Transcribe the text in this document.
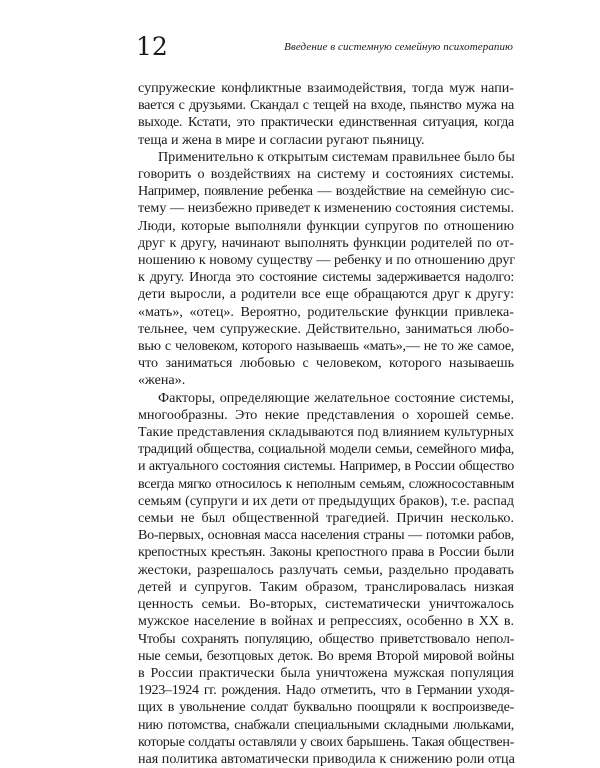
12	Введение в системную семейную психотерапию

супружеские конфликтные взаимодействия, тогда муж напи-
вается с друзьями. Скандал с тещей на входе, пьянство мужа на
выходе. Кстати, это практически единственная ситуация, когда
теща и жена в мире и согласии ругают пьяницу.

Применительно к открытым системам правильнее было бы
говорить о воздействиях на систему и состояниях системы.
Например, появление ребенка — воздействие на семейную сис-
тему — неизбежно приведет к изменению состояния системы.
Люди, которые выполняли функции супругов по отношению
друг к другу, начинают выполнять функции родителей по от-
ношению к новому существу — ребенку и по отношению друг
к другу. Иногда это состояние системы задерживается надолго:
дети выросли, а родители все еще обращаются друг к другу:
«мать», «отец». Вероятно, родительские функции привлека-
тельнее, чем супружеские. Действительно, заниматься любо-
вью с человеком, которого называешь «мать»,— не то же самое,
что заниматься любовью с человеком, которого называешь
«жена».

Факторы, определяющие желательное состояние системы,
многообразны. Это некие представления о хорошей семье.
Такие представления складываются под влиянием культурных
традиций общества, социальной модели семьи, семейного мифа,
и актуального состояния системы. Например, в России общество
всегда мягко относилось к неполным семьям, сложносоставным
семьям (супруги и их дети от предыдущих браков), т.е. распад
семьи не был общественной трагедией. Причин несколько.
Во-первых, основная масса населения страны — потомки рабов,
крепостных крестьян. Законы крепостного права в России были
жестоки, разрешалось разлучать семьи, раздельно продавать
детей и супругов. Таким образом, транслировалась низкая
ценность семьи. Во-вторых, систематически уничтожалось
мужское население в войнах и репрессиях, особенно в XX в.
Чтобы сохранять популяцию, общество приветствовало непол-
ные семьи, безотцовых деток. Во время Второй мировой войны
в России практически была уничтожена мужская популяция
1923–1924 гг. рождения. Надо отметить, что в Германии уходя-
щих в увольнение солдат буквально поощряли к воспроизведе-
нию потомства, снабжали специальными складными люльками,
которые солдаты оставляли у своих барышень. Такая обществен-
ная политика автоматически приводила к снижению роли отца
